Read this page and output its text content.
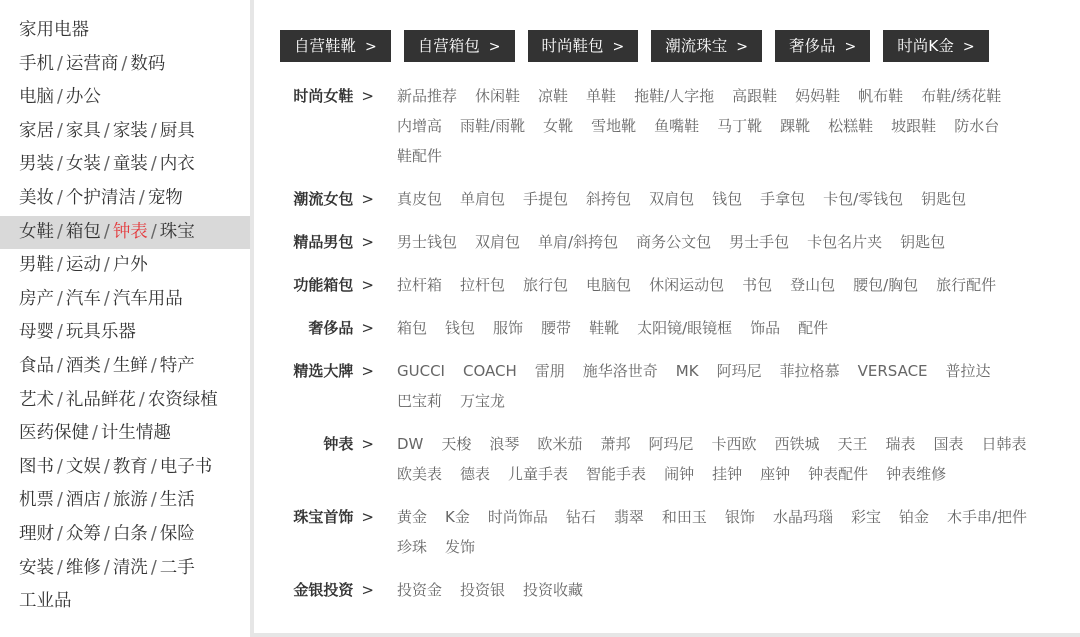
家用电器
手机 / 运营商 / 数码
电脑 / 办公
家居 / 家具 / 家装 / 厨具
男装 / 女装 / 童装 / 内衣
美妆 / 个护清洁 / 宠物
女鞋 / 箱包 / 钟表 / 珠宝
男鞋 / 运动 / 户外
房产 / 汽车 / 汽车用品
母婴 / 玩具乐器
食品 / 酒类 / 生鲜 / 特产
艺术 / 礼品鲜花 / 农资绿植
医药保健 / 计生情趣
图书 / 文娱 / 教育 / 电子书
机票 / 酒店 / 旅游 / 生活
理财 / 众筹 / 白条 / 保险
安装 / 维修 / 清洗 / 二手
工业品
自营鞋靴 >	自营箱包 >	时尚鞋包 >	潮流珠宝 >	奢侈品 >	时尚K金 >
时尚女鞋 >	新品推荐 休闲鞋 凉鞋 单鞋 拖鞋/人字拖 高跟鞋 妈妈鞋 帆布鞋 布鞋/绣花鞋
内增高 雨鞋/雨靴 女靴 雪地靴 鱼嘴鞋 马丁靴 踝靴 松糕鞋 坡跟鞋 防水台
鞋配件
潮流女包 >	真皮包 单肩包 手提包 斜挎包 双肩包 钱包 手拿包 卡包/零钱包 钥匙包
精品男包 >	男士钱包 双肩包 单肩/斜挎包 商务公文包 男士手包 卡包名片夹 钥匙包
功能箱包 >	拉杆箱 拉杆包 旅行包 电脑包 休闲运动包 书包 登山包 腰包/胸包 旅行配件
奢侈品 >	箱包 钱包 服饰 腰带 鞋靴 太阳镜/眼镜框 饰品 配件
精选大牌 >	GUCCI COACH 雷朋 施华洛世奇 MK 阿玛尼 菲拉格慕 VERSACE 普拉达
巴宝莉 万宝龙
钟表 >	DW 天梭 浪琴 欧米茄 萧邦 阿玛尼 卡西欧 西铁城 天王 瑞表 国表 日韩表
欧美表 德表 儿童手表 智能手表 闹钟 挂钟 座钟 钟表配件 钟表维修
珠宝首饰 >	黄金 K金 时尚饰品 钻石 翡翠 和田玉 银饰 水晶玛瑙 彩宝 铂金 木手串/把件
珍珠 发饰
金银投资 >	投资金 投资银 投资收藏
